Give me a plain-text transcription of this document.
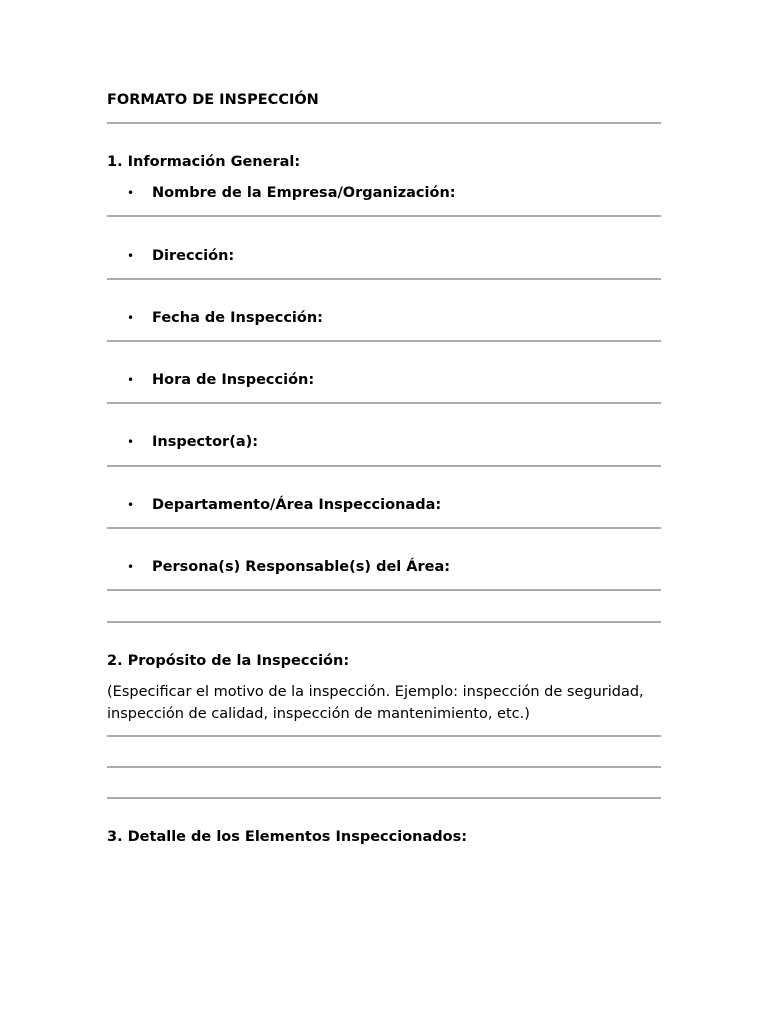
FORMATO DE INSPECCIÓN
1. Información General:
• Nombre de la Empresa/Organización:
• Dirección:
• Fecha de Inspección:
• Hora de Inspección:
• Inspector(a):
• Departamento/Área Inspeccionada:
• Persona(s) Responsable(s) del Área:
2. Propósito de la Inspección:
(Especificar el motivo de la inspección. Ejemplo: inspección de seguridad, inspección de calidad, inspección de mantenimiento, etc.)
3. Detalle de los Elementos Inspeccionados:
